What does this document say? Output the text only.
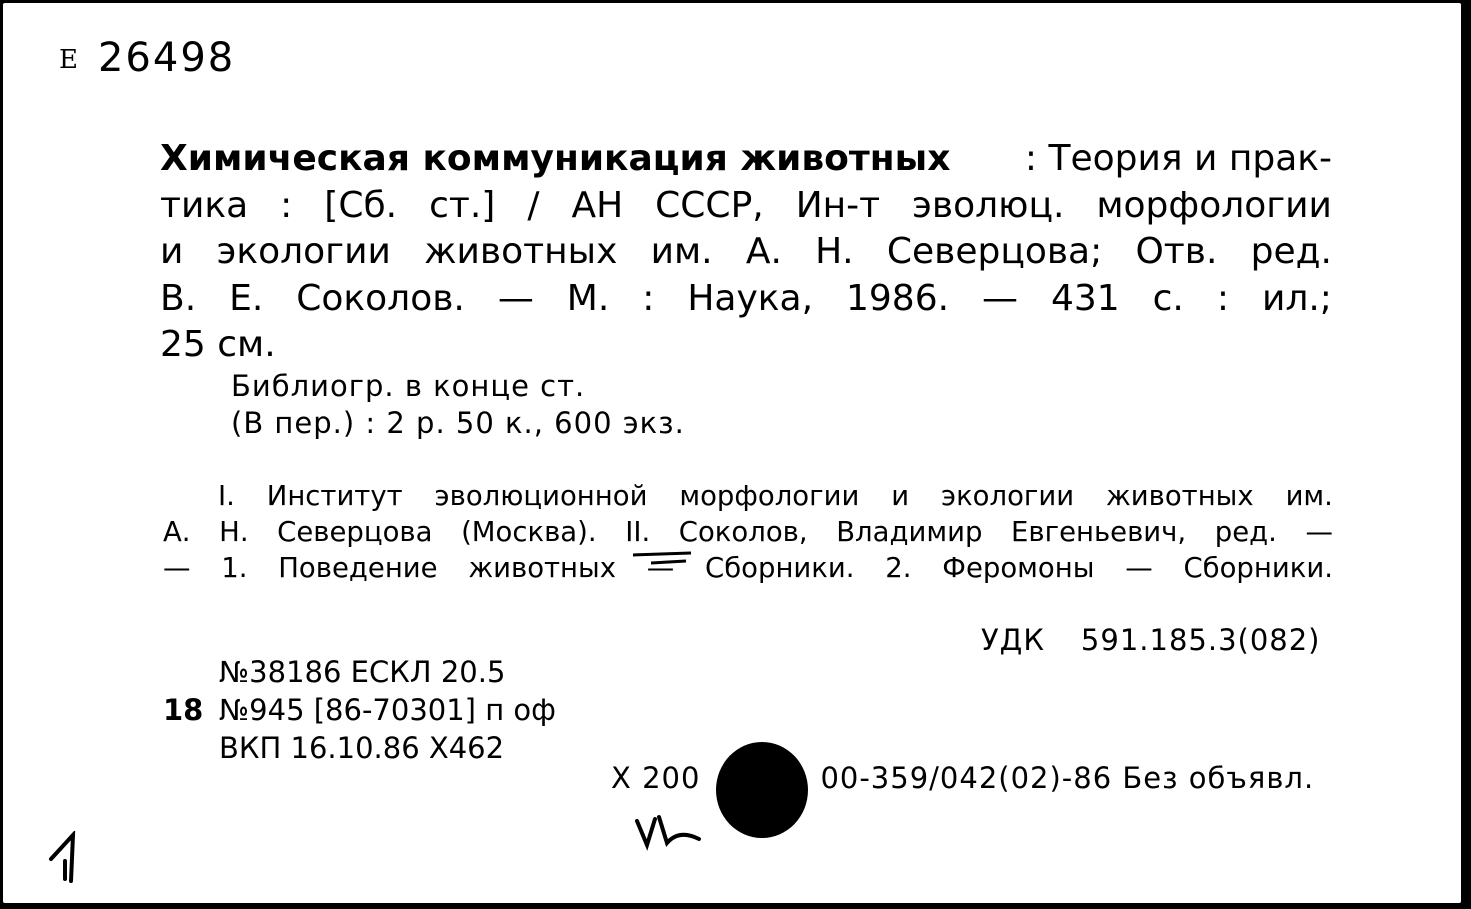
Е 26498
Химическая коммуникация животных : Теория и прак-
тика : [Сб. ст.] / АН СССР, Ин-т эволюц. морфологии
и экологии животных им. А. Н. Северцова; Отв. ред.
В. Е. Соколов. — М. : Наука, 1986. — 431 с. : ил.;
25 см.
Библиогр. в конце ст.
(В пер.) : 2 р. 50 к., 600 экз.
I. Институт эволюционной морфологии и экологии животных им.
А. Н. Северцова (Москва). II. Соколов, Владимир Евгеньевич, ред. —
— 1. Поведение животных — Сборники. 2. Феромоны — Сборники.
УДК 591.185.3(082)
№38186 ЕСКЛ 20.5
18 №945 [86-70301] п оф
ВКП 16.10.86 X462
Х 200	00-359/042(02)-86 Без объявл.
